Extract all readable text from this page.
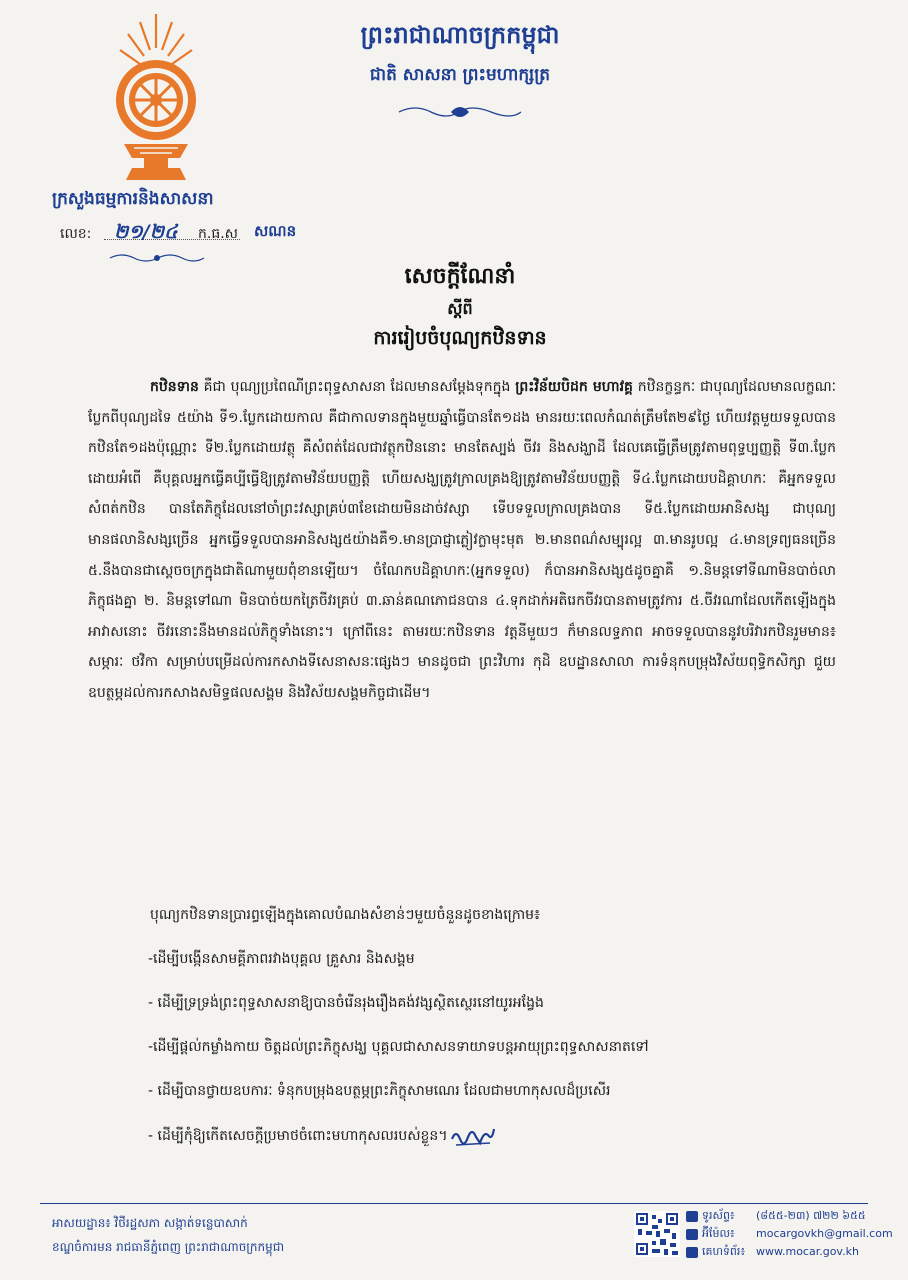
ក្រសួងធម្មការនិងសាសនា
លេខ: ២១/២៤ ក.ធ.ស សណន
ព្រះរាជាណាចក្រកម្ពុជា
ជាតិ សាសនា ព្រះមហាក្សត្រ
សេចក្តីណែនាំ
ស្តីពី
ការរៀបចំបុណ្យកឋិនទាន
កឋិនទាន គឺជា បុណ្យប្រពៃណីព្រះពុទ្ធសាសនា ដែលមានសម្តែងទុកក្នុង ព្រះវិន័យបិដក មហាវគ្គ កឋិនក្ខន្ធកៈ ជាបុណ្យដែលមានលក្ខណៈប្លែកពីបុណ្យដទៃ ៥យ៉ាង ទី១.ប្លែកដោយកាល គឺជាកាលទានក្នុងមួយឆ្នាំធ្វើបានតែ១ដង មានរយៈពេលកំណត់ត្រឹមតែ២៩ថ្ងៃ ហើយវត្តមួយទទួលបានកឋិនតែ១ដងប៉ុណ្ណោះ ទី២.ប្លែកដោយវត្ថុ គឺសំពត់ដែលជាវត្ថុកឋិននោះ មានតែស្បង់ ចីវរ និងសង្ឃាដី ដែលគេធ្វើត្រឹមត្រូវតាមពុទ្ធប្បញ្ញត្តិ ទី៣.ប្លែកដោយអំពើ គឺបុគ្គលអ្នកធ្វើគប្បីធ្វើឱ្យត្រូវតាមវិន័យបញ្ញត្តិ ហើយសង្ឃត្រូវក្រាលគ្រងឱ្យត្រូវតាមវិន័យបញ្ញត្តិ ទី៤.ប្លែកដោយបដិគ្គាហកៈ គឺអ្នកទទួលសំពត់កឋិន បានតែភិក្ខុដែលនៅចាំព្រះវស្សាគ្រប់៣ខែដោយមិនដាច់វស្សា ទើបទទួលក្រាលគ្រងបាន ទី៥.ប្លែកដោយអានិសង្ស ជាបុណ្យមានផលានិសង្សច្រើន អ្នកធ្វើទទួលបានអានិសង្ស៥យ៉ាងគឺ១.មានប្រាជ្ញាភ្លៀវក្លាមុះមុត ២.មានពណ៌សម្បុរល្អ ៣.មានរូបល្អ ៤.មានទ្រព្យធនច្រើន ៥.នឹងបានជាស្តេចចក្រក្នុងជាតិណាមួយពុំខានឡើយ។ ចំណែកបដិគ្គាហកៈ(អ្នកទទួល) ក៏បានអានិសង្ស៥ដូចគ្នាគឺ ១.និមន្តទៅទីណាមិនបាច់លាភិក្ខុផងគ្នា ២. និមន្តទៅណា មិនបាច់យកត្រៃចីវរគ្រប់ ៣.ឆាន់គណភោជនបាន ៤.ទុកដាក់អតិរេកចីវរបានតាមត្រូវការ ៥.ចីវរណាដែលកើតឡើងក្នុងអាវាសនោះ ចីវរនោះនឹងមានដល់ភិក្ខុទាំងនោះ។ ក្រៅពីនេះ តាមរយៈកឋិនទាន វត្តនីមួយៗ ក៏មានលទ្ធភាព អាចទទួលបាននូវបរិវារកឋិនរួមមាន៖ សម្ភារៈ ថវិកា សម្រាប់បម្រើដល់ការកសាងទីសេនាសនៈផ្សេងៗ មានដូចជា ព្រះវិហារ កុដិ ឧបដ្ឋានសាលា ការទំនុកបម្រុងវិស័យពុទ្ធិកសិក្សា ជួយឧបត្ថម្ភដល់ការកសាងសមិទ្ធផលសង្គម និងវិស័យសង្គមកិច្ចជាដើម។
បុណ្យកឋិនទានប្រារព្ធឡើងក្នុងគោលបំណងសំខាន់ៗមួយចំនួនដូចខាងក្រោម៖
-ដើម្បីបង្កើនសាមគ្គីភាពរវាងបុគ្គល គ្រួសារ និងសង្គម
- ដើម្បីទ្រទ្រង់ព្រះពុទ្ធសាសនាឱ្យបានចំរើនរុងរឿងគង់វង្សស្ថិតស្ថេរនៅយូរអង្វែង
-ដើម្បីផ្តល់កម្លាំងកាយ ចិត្តដល់ព្រះភិក្ខុសង្ឃ បុគ្គលជាសាសនទាយាទបន្តអាយុព្រះពុទ្ធសាសនាតទៅ
- ដើម្បីបានថ្វាយឧបការៈ ទំនុកបម្រុងឧបត្ថម្ភព្រះភិក្ខុសាមណេរ ដែលជាមហាកុសលដ៏ប្រសើរ
- ដើម្បីកុំឱ្យកើតសេចក្តីប្រមាថចំពោះមហាកុសលរបស់ខ្លួន។
អាសយដ្ឋាន៖ វិថីរដ្ឋសភា សង្កាត់ទន្លេបាសាក់
ខណ្ឌចំការមន រាជធានីភ្នំពេញ ព្រះរាជាណាចក្រកម្ពុជា
ទូរស័ព្ទ៖ (៨៥៥-២៣) ៧២២ ៦៥៥
អ៊ីម៉ែល៖ mocargovkh@gmail.com
គេហទំព័រ៖ www.mocar.gov.kh
